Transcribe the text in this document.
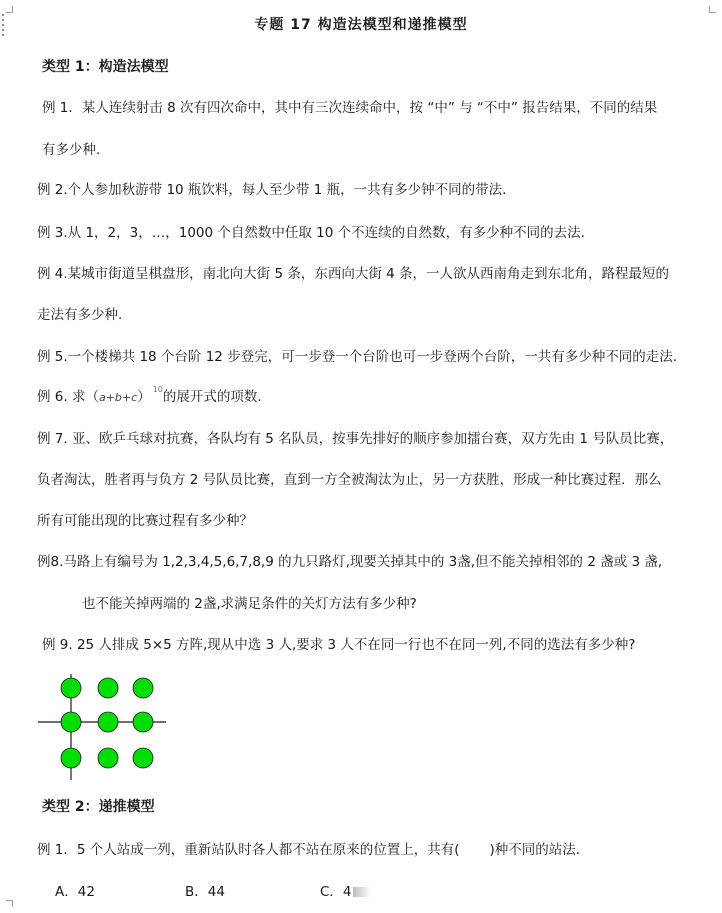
专题 17 构造法模型和递推模型
类型 1：构造法模型
例 1．某人连续射击 8 次有四次命中，其中有三次连续命中，按 “中” 与 “不中” 报告结果，不同的结果
有多少种.
例 2.个人参加秋游带 10 瓶饮料，每人至少带 1 瓶，一共有多少钟不同的带法.
例 3.从 1，2，3，…，1000 个自然数中任取 10 个不连续的自然数，有多少种不同的去法.
例 4.某城市街道呈棋盘形，南北向大街 5 条，东西向大街 4 条，一人欲从西南角走到东北角，路程最短的
走法有多少种.
例 5.一个楼梯共 18 个台阶 12 步登完，可一步登一个台阶也可一步登两个台阶，一共有多少种不同的走法.
例 6. 求（a+b+c） $^{10}$的展开式的项数.
例 7. 亚、欧乒乓球对抗赛，各队均有 5 名队员，按事先排好的顺序参加擂台赛，双方先由 1 号队员比赛，
负者淘汰，胜者再与负方 2 号队员比赛，直到一方全被淘汰为止，另一方获胜，形成一种比赛过程．那么
所有可能出现的比赛过程有多少种？
例8.马路上有编号为 1,2,3,4,5,6,7,8,9 的九只路灯,现要关掉其中的 3盏,但不能关掉相邻的 2 盏或 3 盏,
也不能关掉两端的 2盏,求满足条件的关灯方法有多少种?
例 9. 25 人排成 5×5 方阵,现从中选 3 人,要求 3 人不在同一行也不在同一列,不同的选法有多少种?
类型 2：递推模型
例 1．5 个人站成一列，重新站队时各人都不站在原来的位置上，共有( )种不同的站法．
A．42	B．44	C．4
